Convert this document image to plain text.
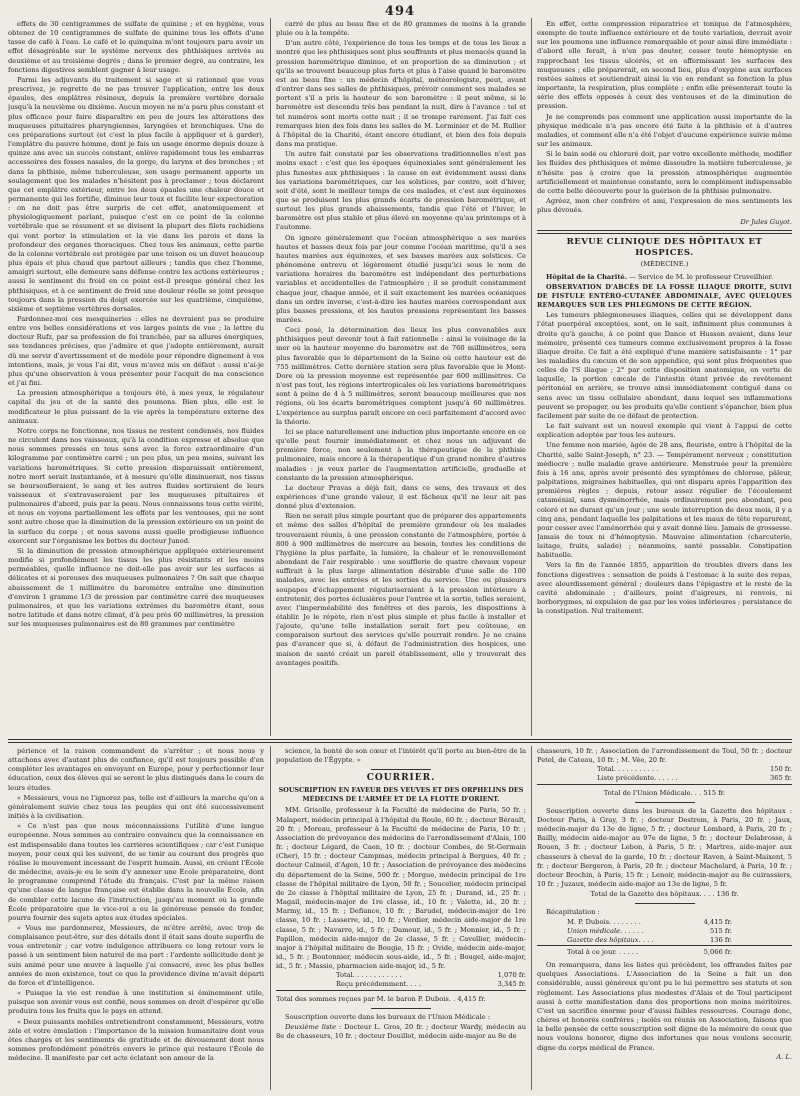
494

effets de 30 centigrammes de sulfate de quinine ; et en hygiène, vous obtenez de 10 centigrammes de sulfate de quinine tous les effets d'une tasse de café à l'eau. Le café et le quinquina m'ont toujours paru avoir un effet désagréable sur le système nerveux des phthisiques arrivés au deuxième et au troisième degrés ; dans le premier degré, au contraire, les fonctions digestives semblent gagner à leur usage.

Parmi les adjuvants du traitement si sage et si rationnel que vous prescrivez, je regrette de ne pas trouver l'application, entre les deux épaules, des emplâtres résineux, depuis la première vertèbre dorsale jusqu'à la neuvième ou dixième. Aucun moyen ne m'a paru plus constant et plus efficace pour faire disparaître en peu de jours les altérations des muqueuses pituitaires pharyngiennes, laryngées et bronchiques. Une de ces préparations surtout (et c'est la plus facile à appliquer et à garder), l'emplâtre du pauvre homme, dont je fais un usage énorme depuis douze à quinze ans avec un succès constant, enlève rapidement tous les embarras accessoires des fosses nasales, de la gorge, du larynx et des bronches ; et dans la phthisie, même tuberculeuse, son usage permanent apporte un soulagement que les malades n'hésitent pas à proclamer ; tous déclarent que cet emplâtre extérieur, entre les deux épaules une chaleur douce et permanente qui les fortifie, diminue leur toux et facilite leur expectoration : on ne doit pas être surpris de cet effet, anatomiquement et physiologiquement parlant, puisque c'est en ce point de la colonne vertébrale que se résument et se divisent la plupart des filets rachidiens qui vont porter la stimulation et la vie dans les parois et dans la profondeur des organes thoraciques. Chez tous les animaux, cette partie de la colonne vertébrale est protégée par une toison ou un duvet beaucoup plus épais et plus chaud que partout ailleurs ; tandis que chez l'homme, amaigri surtout, elle demeure sans défense contre les actions extérieures ; aussi le sentiment du froid en ce point est-il presque général chez les phthisiques, et à ce sentiment de froid une douleur réelle se joint presque toujours dans la pression du doigt exercée sur les quatrième, cinquième, sixième et septième vertèbres dorsales.

Pardonnez-moi ces mesquineries : elles ne devraient pas se produire entre vos belles considérations et vos larges points de vue ; la lettre du docteur Rufz, par sa profession de foi tranchée, par sa allures énergiques, ses tendances précises, que j'admire et que j'adopte entièrement, aurait dû me servir d'avertissement et de modèle pour répondre dignement à vos intentions, mais, je vous l'ai dit, vous m'avez mis en défaut : aussi n'ai-je plus qu'une observation à vous présenter pour l'acquit de ma conscience et j'ai fini.

La pression atmosphérique a toujours été, à mes yeux, le régulateur capital du jeu et de la santé des poumons. Bien plus, elle est le modificateur le plus puissant de la vie après la température externe des animaux.

Notre corps ne fonctionne, nos tissus ne restent condensés, nos fluides ne circulent dans nos vaisseaux, qu'à la condition expresse et absolue que nous sommes pressés en tous sens avec la force extraordinaire d'un kilogramme par centimètre carré ; un peu plus, un peu moins, suivant les variations barométriques. Si cette pression disparaissait entièrement, notre mort serait instantanée, et à mesure qu'elle diminuerait, nos tissus se boursoufleraient, le sang et les autres fluides sortiraient de leurs vaisseaux et s'extravaseraient par les muqueuses pituitaires et pulmonaires d'abord, puis par la peau. Nous connaissons tous cette vérité, et nous en voyons partiellement les effets par les ventouses, qui ne sont sont autre chose que la diminution de la pression extérieure en un point de la surface du corps ; et nous savons aussi quelle prodigieuse influence exercent sur l'organisme les bottes du docteur Junod.

Si la diminution de pression atmosphérique appliquée extérieurement modifie si profondément les tissus les plus résistants et les moins perméables, quelle influence ne doit-elle pas avoir sur les surfaces si délicates et si poreuses des muqueuses pulmonaires ? On sait que chaque abaissement de 1 millimètre du baromètre entraîne une diminution d'environ 1 gramme 1/3 de pression par centimètre carré des muqueuses pulmonaires, et que les variations extrêmes du baromètre étant, sous notre latitude et dans notre climat, d'à peu près 60 millimètres, la pression sur les muqueuses pulmonaires est de 80 grammes par centimètre

carré de plus au beau fixe et de 80 grammes de moins à la grande pluie ou à la tempête.

D'un autre côté, l'expérience de tous les temps et de tous les lieux a montré que les phthisiques sont plus souffrants et plus menacés quand la pression barométrique diminue, et en proportion de sa diminution ; et qu'ils se trouvent beaucoup plus forts et plus à l'aise quand le baromètre est au beau fixe : un médecin d'hôpital, météorologiste, peut, avant d'entrer dans ses salles de phthisiques, prévoir comment ses malades se portent s'il a pris la hauteur de son baromètre : il peut même, si le baromètre est descendu très bas pendant la nuit, dire à l'avance : tel et tel numéros sont morts cette nuit ; il se trompe rarement. J'ai fait ces remarques bien des fois dans les salles de M. Lerminier et de M. Rullier à l'hôpital de la Charité, étant encore étudiant, et bien des fois depuis dans ma pratique.

Un autre fait constaté par les observations traditionnelles n'est pas moins exact : c'est que les époques équinoxiales sont généralement les plus funestes aux phthisiques : la cause en est évidemment aussi dans les variations barométriques, car les solstices, par contre, soit d'hiver, soit d'été, sont le meilleur temps de ces malades, et c'est aux équinoxes que se produisent les plus grands écarts de pression barométrique, et surtout les plus grands abaissements, tandis que l'été et l'hiver, le baromètre est plus stable et plus élevé en moyenne qu'au printemps et à l'automne.

On ignore généralement que l'océan atmosphérique a ses marées hautes et basses deux fois par jour comme l'océan maritime, qu'il a ses hautes marées aux équinoxes, et ses basses marées aux solstices. Ce phénomène entrevu et légèrement étudié jusqu'ici sous le nom de variations horaires du baromètre est indépendant des perturbations variables et accidentelles de l'atmosphère ; il se produit constamment chaque jour, chaque année, et il suit exactement les marées océaniques dans un ordre inverse, c'est-à-dire les hautes marées correspondant aux plus basses pressions, et les hautes pressions représentant les basses marées.

Ceci posé, la détermination des lieux les plus convenables aux phthisiques peut devenir tout à fait rationnelle : ainsi le voisinage de la mer où la hauteur moyenne du baromètre est de 760 millimètres, sera plus favorable que le département de la Seine où cette hauteur est de 755 millimètres. Cette dernière station sera plus favorable que le Mont-Dore où la pression moyenne est représentée par 600 millimètres. Ce n'est pas tout, les régions intertropicales où les variations barométriques sont à peine de 4 à 5 millimètres, seront beaucoup meilleures que nos régions, où les écarts barométriques comptent jusqu'à 60 millimètres. L'expérience au surplus paraît encore en ceci parfaitement d'accord avec la théorie.

Ici se place naturellement une induction plus importante encore en ce qu'elle peut fournir immédiatement et chez nous un adjuvant de première force, non seulement à la thérapeutique de la phthisie pulmonaire, mais encore à la thérapeutique d'un grand nombre d'autres maladies : je veux parler de l'augmentation artificielle, graduelle et constante de la pression atmosphérique.

Le docteur Pravas a déjà fait, dans ce sens, des travaux et des expériences d'une grande valeur, il est fâcheux qu'il ne leur ait pas donné plus d'extension.

Rien ne serait plus simple pourtant que de préparer des appartements et même des salles d'hôpital de première grandeur où les malades trouveraient réunis, à une pression constante de l'atmosphère, portée à 800 à 900 millimètres de mercure au besoin, toutes les conditions de l'hygiène la plus parfaite, la lumière, la chaleur et le renouvellement abondant de l'air respirable : une soufflerie de quatre chevaux vapeur suffirait à la plus large alimentation désirable d'une salle de 100 malades, avec les entrées et les sorties du service. Une ou plusieurs soupapes d'échappement régulariseraient à la pression intérieure à entretenir, des portes éclusières pour l'entrée et la sortie, telles seraient, avec l'imperméabilité des fenêtres et des parois, les dispositions à établir. Je le répète, rien n'est plus simple et plus facile à installer et j'ajoute, qu'une telle installation serait fort peu coûteuse, en comparaison surtout des services qu'elle pourrait rendre. Je ne crains pas d'avancer que si, à défaut de l'administration des hospices, une maison de santé créait un pareil établissement, elle y trouverait des avantages positifs.

En effet, cette compression réparatrice et tonique de l'atmosphère, exempte de toute influence extérieure et de toute variation, devrait avoir sur les poumons une influence remarquable et pour ainsi dire immédiate : d'abord elle ferait, à n'en pas douter, cesser toute hémoptysie en rapprochant les tissus ulcérés, et en affermissant les surfaces des muqueuses ; elle préparerait, en second lieu, plus d'oxygène aux surfaces restées saines et soutiendrait ainsi la vie en rendant sa fonction la plus importante, la respiration, plus complète ; enfin elle présenterait toute la série des effets opposés à ceux des ventouses et de la diminution de pression.

Je ne comprends pas comment une application aussi importante de la physique médicale n'a pas encore été faite à la phthisie et à d'autres maladies, et comment elle n'a été l'objet d'aucune expérience suivie même sur les animaux.

Si le bain sodé ou chloruré doit, par votre excellente méthode, modifier les fluides des phthisiques et même dissoudre la matière tuberculeuse, je n'hésite pas à croire que la pression atmosphérique augmentée artificiellement et maintenue constante, sera le complément indispensable de cette belle découverte pour la guérison de la phthisie pulmonaire.

Agréez, mon cher confrère et ami, l'expression de mes sentiments les plus dévoués.

Dr Jules Guyot.
REVUE CLINIQUE DES HÔPITAUX ET HOSPICES.
(MÉDECINE.)

Hôpital de la Charité. — Service de M. le professeur Cruveilhier.

OBSERVATION D'ABCÈS DE LA FOSSE ILIAQUE DROITE, SUIVI DE FISTULE ENTÉRO-CUTANÉE ABDOMINALE, AVEC QUELQUES REMARQUES SUR LES PHLEGMONS DE CETTE RÉGION.

Les tumeurs phlegmoneuses iliaques, celles qui se développent dans l'état puerpéral exceptées, sont, on le sait, infiniment plus communes à droite qu'à gauche, à ce point que Dance et Husson avaient, dans leur mémoire, présenté ces tumeurs comme exclusivement propres à la fosse iliaque droite. Ce fait a été expliqué d'une manière satisfaisante : 1° par les maladies du cæcum et de son appendice, qui sont plus fréquentes que celles de l'S iliaque ; 2° par cette disposition anatomique, en vertu de laquelle, la portion cæcale de l'intestin étant privée de revêtement péritonéal en arrière, se trouve ainsi immédiatement contiguë dans ce sens avec un tissu cellulaire abondant, dans lequel ses inflammations peuvent se propager, ou les produits qu'elle contient s'épancher, bien plus facilement par suite de ce défaut de protection.

Le fait suivant est un nouvel exemple qui vient à l'appui de cette explication adoptée par tous les auteurs.

Une femme non mariée, âgée de 28 ans, fleuriste, entre à l'hôpital de la Charité, salle Saint-Joseph, n° 23. — Tempérament nerveux ; constitution médiocre ; nulle maladie grave antérieure. Menstruée pour la première fois à 16 ans, après avoir présenté des symptômes de chlorose, pâleur, palpitations, migraines habituelles, qui ont disparu après l'apparition des premières règles ; depuis, retour assez régulier de l'écoulement cataménial, sans dysménorrhée, mais ordinairement peu abondant, peu coloré et ne durant qu'un jour ; une seule interruption de deux mois, il y a cinq ans, pendant laquelle les palpitations et les maux de tête reparurent, pour cesser avec l'aménorrhée qui y avait donné lieu. Jamais de grossesse. Jamais de toux ni d'hémoptysie. Mauvaise alimentation (charcuterie, laitage, fruits, salade) ; néanmoins, santé passable. Constipation habituelle.

Vers la fin de l'année 1855, apparition de troubles divers dans les fonctions digestives : sensation de poids à l'estomac à la suite des repas, avec alourdissement général ; douleurs dans l'épigastre et le reste de la cavité abdominale ; d'ailleurs, point d'aigreurs, ni renvois, ni borborygmes, ni expulsion de gaz par les voies inférieures ; persistance de la constipation. Nul traitement.

périence et la raison commandent de s'arrêter ; et nous nous y attachons avec d'autant plus de confiance, qu'il est toujours possible d'en compléter les avantages en envoyant en Europe, pour y perfectionner leur éducation, ceux des élèves qui se seront le plus distingués dans le cours de leurs études.

« Messieurs, vous ne l'ignorez pas, telle est d'ailleurs la marche qu'on a généralement suivie chez tous les peuples qui ont été successivement initiés à la civilisation.

« Ce n'est pas que nous méconnaissions l'utilité d'une langue européenne. Nous sommes au contraire convaincu que la connaissance en est indispensable dans toutes les carrières scientifiques ; car c'est l'unique moyen, pour ceux qui les suivent, de se tenir au courant des progrès que réalise le mouvement incessant de l'esprit humain. Aussi, en créant l'École de médecine, avais-je eu le soin d'y annexer une École préparatoire, dont le programme comprend l'étude du français. C'est par la même raison qu'une classe de langue française est établie dans la nouvelle École, afin de combler cette lacune de l'instruction, jusqu'au moment où la grande École préparatoire que le vice-roi a eu la généreuse pensée de fonder, pourra fournir des sujets aptes aux études spéciales.

« Vous me pardonnerez, Messieurs, de m'être arrêté, avec trop de complaisance peut-être, sur des détails dont il était sans doute superflu de vous entretenir ; car votre indulgence attribuera ce long retour vers le passé à un sentiment bien naturel de ma part : l'ardente sollicitude dont je suis animé pour une œuvre à laquelle j'ai consacré, avec les plus belles années de mon existence, tout ce que la providence divine m'avait départi de force et d'intelligence.

« Puisque la vie est rendue à une institution si éminemment utile, puisque son avenir vous est confié, nous sommes en droit d'espérer qu'elle produira tous les fruits que le pays en attend.

« Deux puissants mobiles entretiendront constamment, Messieurs, votre zèle et votre émulation : l'importance de la mission humanitaire dont vous êtes chargés et les sentiments de gratitude et de dévouement dont nous sommes profondément pénétrés envers le prince qui restaure l'École de médecine. Il manifeste par cet acte éclatant son amour de la

science, la bonté de son cœur et l'intérêt qu'il porte au bien-être de la population de l'Égypte. »

COURRIER.
SOUSCRIPTION EN FAVEUR DES VEUVES ET DES ORPHELINS DES MÉDECINS DE L'ARMÉE ET DE LA FLOTTE D'ORIENT.

MM. Grisolle, professeur à la Faculté de médecine de Paris, 50 fr. ; Malapert, médecin principal à l'hôpital du Roule, 60 fr. ; docteur Bérault, 20 fr. ; Moreau, professeur à la Faculté de médecine de Paris, 10 fr. ; Association de prévoyance des médecins de l'arrondissement d'Alais, 100 fr. ; docteur Légard, de Caen, 10 fr. ; docteur Combes, de St-Germain (Cher), 15 fr. ; docteur Campmas, médecin principal à Bergues, 40 fr. ; docteur Calmeil, d'Agen, 10 fr. ; Association de prévoyance des médecins du département de la Seine, 500 fr. ; Morgue, médecin principal de 1re classe de l'hôpital militaire de Lyon, 50 fr. ; Soucelier, médecin principal de 2e classe à l'hôpital militaire de Lyon, 25 fr. ; Durand, id., 25 fr. ; Magail, médecin-major de 1re classe, id., 10 fr. ; Valette, id., 20 fr. ; Marmy, id., 15 fr. ; Defiance, 10 fr. ; Barudel, médecin-major de 1re classe, 10 fr. ; Lasserre, id., 10 fr. ; Verdier, médecin aide-major de 1re classe, 5 fr. ; Navarre, id., 5 fr. ; Damour, id., 5 fr. ; Monnier, id., 5 fr. ; Papillon, médecin aide-major de 2e classe, 5 fr. ; Cavellier, médecin-major à l'hôpital militaire de Bougie, 15 fr. ; Ovide, médecin aide-major, id., 5 fr. ; Boutonnier, médecin sous-aide, id., 5 fr. ; Bougel, aide-major, id., 5 fr. ; Massie, pharmacien aide-major, id., 5 fr.

Total. . . . . . . . . . . .	1,070 fr.
Reçu précédemment. . . .	3,345 fr.

Total des sommes reçues par M. le baron P. Dubois. . 4,415 fr.

Souscription ouverte dans les bureaux de l'Union Médicale :

Deuxième liste : Docteur L. Gros, 20 fr. ; docteur Wardy, médecin au 8e de chasseurs, 10 fr. ; docteur Douillot, médecin aide-major au 8e de

chasseurs, 10 fr. ; Association de l'arrondissement de Toul, 50 fr. ; docteur Petel, de Cateau, 10 fr. ; M. Vée, 20 fr.

Total. . . . . . . . . . .	150 fr.
Liste précédente. . . . . .	365 fr.

Total de l'Union Médicale. . . 515 fr.

Souscription ouverte dans les bureaux de la Gazette des hôpitaux : Docteur Paris, à Gray, 3 fr. ; docteur Destrem, à Paris, 20 fr. ; Jaux, médecin-major du 13e de ligne, 5 fr. ; docteur Lombard, à Paris, 20 fr. ; Bailly, médecin aide-major au 97e de ligne, 5 fr. ; docteur Delabrosse, à Rouen, 3 fr. ; docteur Lebon, à Paris, 5 fr. ; Martres, aide-major aux chasseurs à cheval de la garde, 10 fr. ; docteur Raven, à Saint-Maixent, 5 fr. ; docteur Bergeron, à Paris, 20 fr. ; docteur Machelard, à Paris, 10 fr. ; docteur Brochin, à Paris, 15 fr. ; Lenoir, médecin-major au 8e cuirassiers, 10 fr. ; Juzaux, médecin aide-major au 13e de ligne, 5 fr.

Total de la Gazette des hôpitaux. . . . 136 fr.

Récapitulation :

M. P. Dubois. . . . . . . .	4,415 fr.
Union médicale. . . . . .	515 fr.
Gazette des hôpitaux. . . .	136 fr.
Total à ce jour. . . . . .	5,066 fr.

On remarquera, dans les listes qui précèdent, les offrandes faites par quelques Associations. L'Association de la Seine a fait un don considérable, aussi généreux qu'ont pu le lui permettre ses statuts et son règlement. Les Associations plus modestes d'Alais et de Toul participent aussi à cette manifestation dans des proportions non moins méritoires. C'est un sacrifice énorme pour d'aussi faibles ressources. Courage donc, chères et honorés confrères ; isolés ou réunis en Association, faisons que la belle pensée de cette souscription soit digne de la mémoire de ceux que nous voulons honorer, digne des infortunes que nous voulons secourir, digne du corps médical de France.

A. L.
